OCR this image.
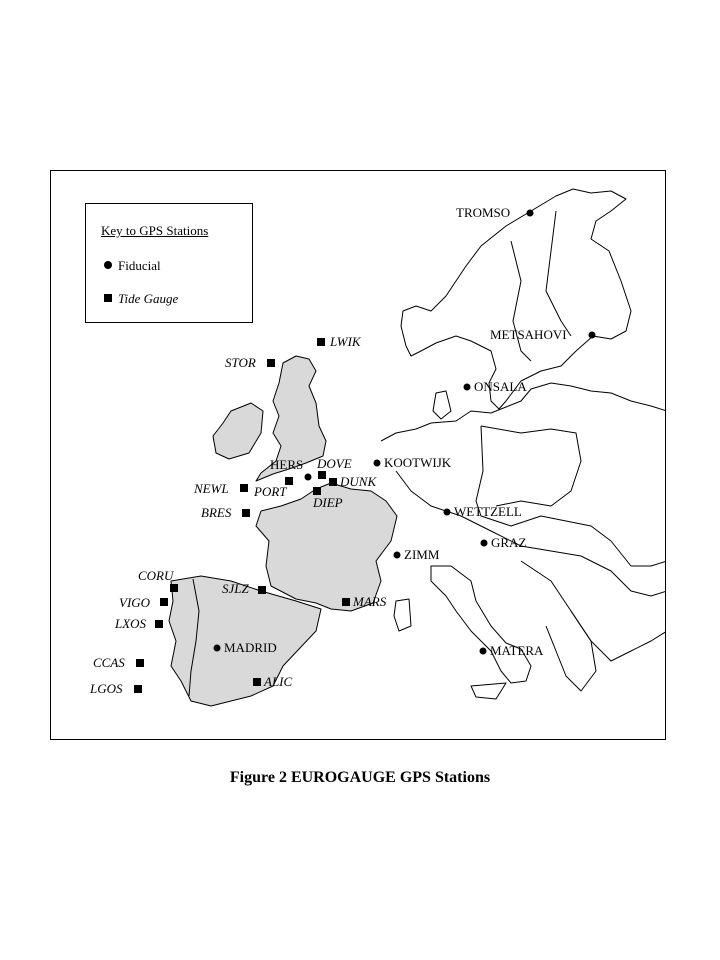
Key to GPS Stations
Fiducial
Tide Gauge
TROMSO
METSAHOVI
ONSALA
KOOTWIJK
HERS
WETTZELL
GRAZ
ZIMM
MATERA
MADRID
LWIK
STOR
DOVE
NEWL PORT
DUNK
DIEP
BRES
CORU
SJLZ
VIGO	MARS
LXOS
CCAS
LGOS	ALIC
Figure 2 EUROGAUGE GPS Stations
